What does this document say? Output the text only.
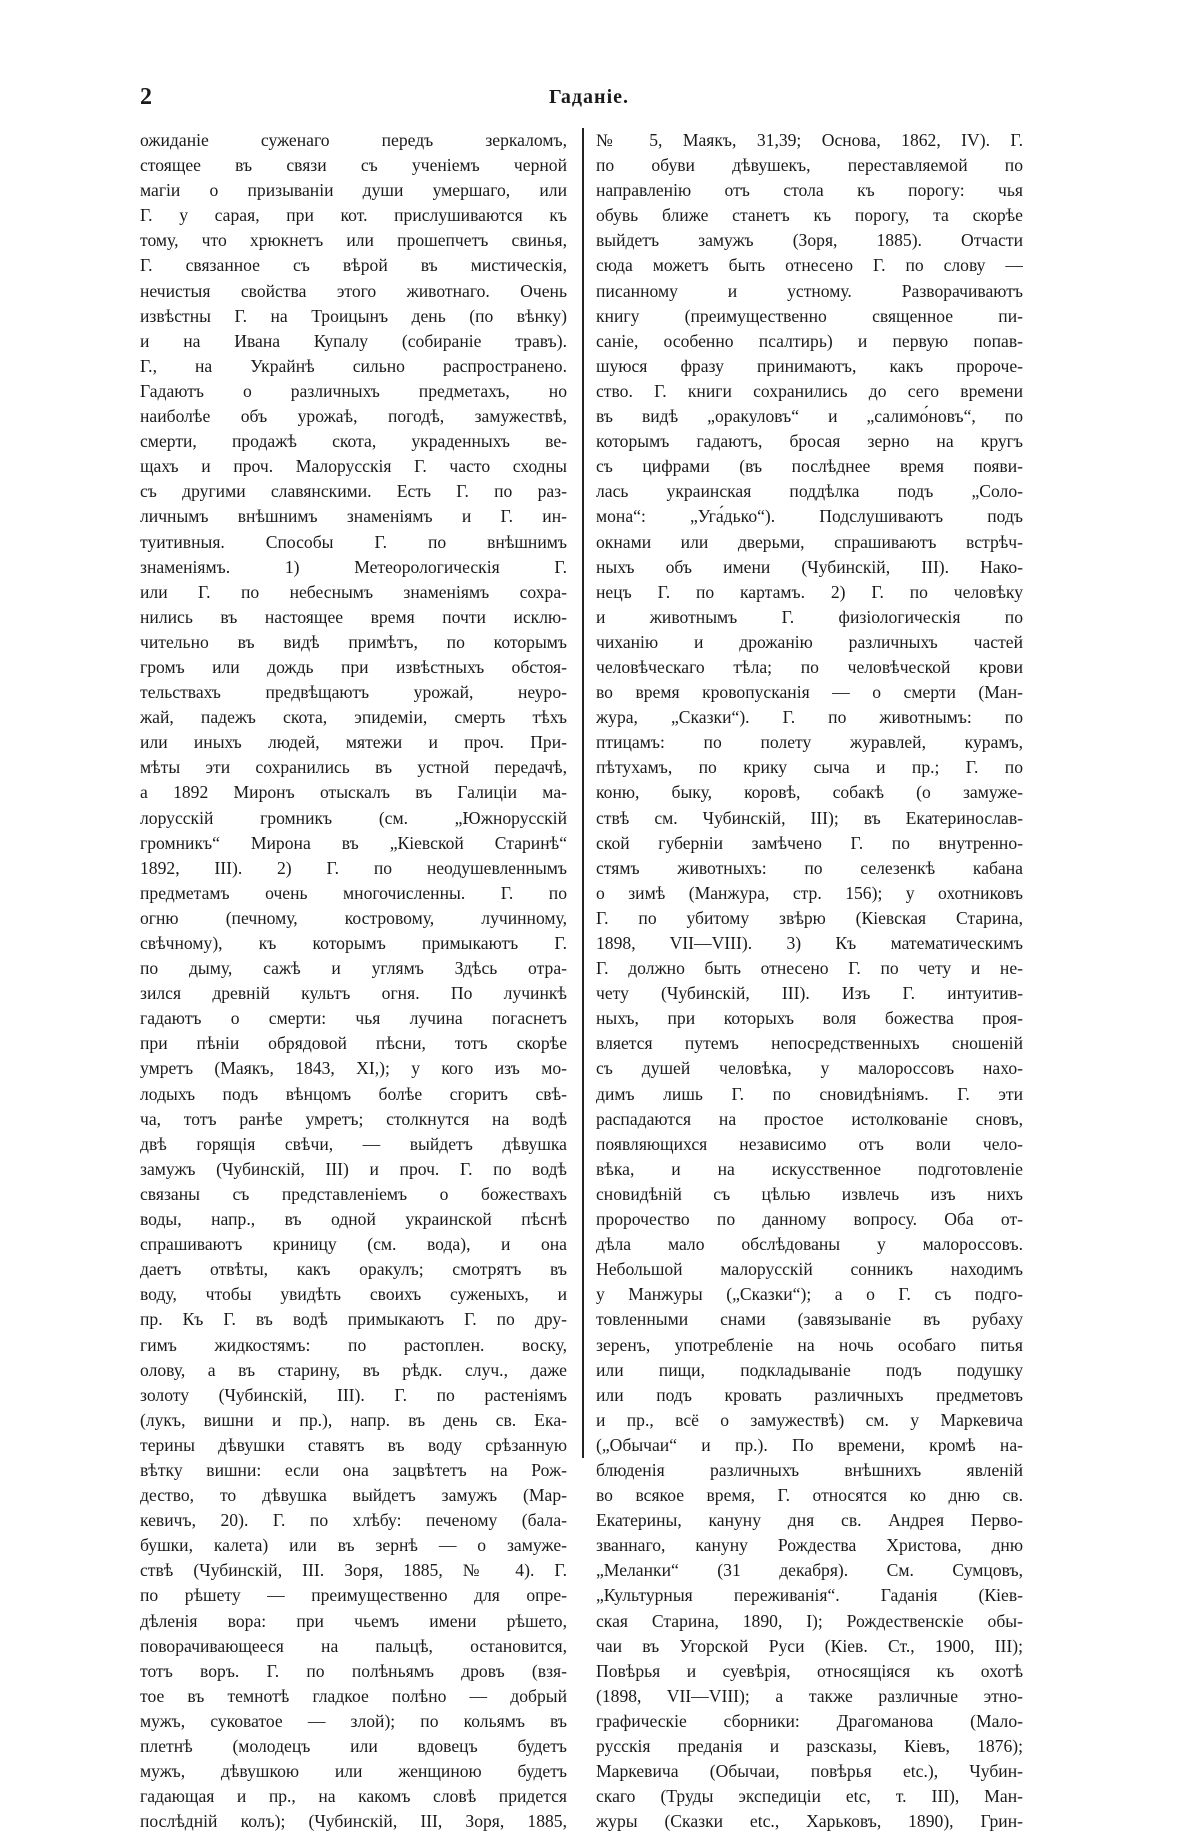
2	Гаданіе.
ожиданіе суженаго передъ зеркаломъ,
стоящее въ связи съ ученіемъ черной
магіи о призываніи души умершаго, или
Г. у сарая, при кот. прислушиваются къ
тому, что хрюкнетъ или прошепчетъ свинья,
Г. связанное съ вѣрой въ мистическія,
нечистыя свойства этого животнаго. Очень
извѣстны Г. на Троицынъ день (по вѣнку)
и на Ивана Купалу (собираніе травъ).
Г., на Украйнѣ сильно распространено.
Гадаютъ о различныхъ предметахъ, но
наиболѣе объ урожаѣ, погодѣ, замужествѣ,
смерти, продажѣ скота, украденныхъ ве-
щахъ и проч. Малорусскія Г. часто сходны
съ другими славянскими. Есть Г. по раз-
личнымъ внѣшнимъ знаменіямъ и Г. ин-
туитивныя. Способы Г. по внѣшнимъ
знаменіямъ. 1) Метеорологическія Г.
или Г. по небеснымъ знаменіямъ сохра-
нились въ настоящее время почти исклю-
чительно въ видѣ примѣтъ, по которымъ
громъ или дождь при извѣстныхъ обстоя-
тельствахъ предвѣщаютъ урожай, неуро-
жай, падежъ скота, эпидеміи, смерть тѣхъ
или иныхъ людей, мятежи и проч. При-
мѣты эти сохранились въ устной передачѣ,
а 1892 Миронъ отыскалъ въ Галиціи ма-
лорусскій громникъ (см. „Южнорусскій
громникъ“ Мирона въ „Кіевской Старинѣ“
1892, III). 2) Г. по неодушевленнымъ
предметамъ очень многочисленны. Г. по
огню (печному, костровому, лучинному,
свѣчному), къ которымъ примыкаютъ Г.
по дыму, сажѣ и углямъ Здѣсь отра-
зился древній культъ огня. По лучинкѣ
гадаютъ о смерти: чья лучина погаснетъ
при пѣніи обрядовой пѣсни, тотъ скорѣе
умретъ (Маякъ, 1843, XI,); у кого изъ мо-
лодыхъ подъ вѣнцомъ болѣе сгоритъ свѣ-
ча, тотъ ранѣе умретъ; столкнутся на водѣ
двѣ горящія свѣчи, — выйдетъ дѣвушка
замужъ (Чубинскій, III) и проч. Г. по водѣ
связаны съ представленіемъ о божествахъ
воды, напр., въ одной украинской пѣснѣ
спрашиваютъ криницу (см. вода), и она
даетъ отвѣты, какъ оракулъ; смотрятъ въ
воду, чтобы увидѣть своихъ суженыхъ, и
пр. Къ Г. въ водѣ примыкаютъ Г. по дру-
гимъ жидкостямъ: по растоплен. воску,
олову, а въ старину, въ рѣдк. случ., даже
золоту (Чубинскій, III). Г. по растеніямъ
(лукъ, вишни и пр.), напр. въ день св. Ека-
терины дѣвушки ставятъ въ воду срѣзанную
вѣтку вишни: если она зацвѣтетъ на Рож-
дество, то дѣвушка выйдетъ замужъ (Мар-
кевичъ, 20). Г. по хлѣбу: печеному (бала-
бушки, калета) или въ зернѣ — о замуже-
ствѣ (Чубинскій, III. Зоря, 1885, № 4). Г.
по рѣшету — преимущественно для опре-
дѣленія вора: при чьемъ имени рѣшето,
поворачивающееся на пальцѣ, остановится,
тотъ воръ. Г. по полѣньямъ дровъ (взя-
тое въ темнотѣ гладкое полѣно — добрый
мужъ, суковатое — злой); по кольямъ въ
плетнѣ (молодецъ или вдовецъ будетъ
мужъ, дѣвушкою или женщиною будетъ
гадающая и пр., на какомъ словѣ придется
послѣдній колъ); (Чубинскій, III, Зоря, 1885,
№ 5, Маякъ, 31,39; Основа, 1862, IV). Г.
по обуви дѣвушекъ, переставляемой по
направленію отъ стола къ порогу: чья
обувь ближе станетъ къ порогу, та скорѣе
выйдетъ замужъ (Зоря, 1885). Отчасти
сюда можетъ быть отнесено Г. по слову —
писанному и устному. Разворачиваютъ
книгу (преимущественно священное пи-
саніе, особенно псалтирь) и первую попав-
шуюся фразу принимаютъ, какъ пророче-
ство. Г. книги сохранились до сего времени
въ видѣ „оракуловъ“ и „салимо́новъ“, по
которымъ гадаютъ, бросая зерно на кругъ
съ цифрами (въ послѣднее время появи-
лась украинская поддѣлка подъ „Соло-
мона“: „Уга́дько“). Подслушиваютъ подъ
окнами или дверьми, спрашиваютъ встрѣч-
ныхъ объ имени (Чубинскій, III). Нако-
нецъ Г. по картамъ. 2) Г. по человѣку
и животнымъ Г. физіологическія по
чиханію и дрожанію различныхъ частей
человѣческаго тѣла; по человѣческой крови
во время кровопусканія — о смерти (Ман-
жура, „Сказки“). Г. по животнымъ: по
птицамъ: по полету журавлей, курамъ,
пѣтухамъ, по крику сыча и пр.; Г. по
коню, быку, коровѣ, собакѣ (о замуже-
ствѣ см. Чубинскій, III); въ Екатеринослав-
ской губерніи замѣчено Г. по внутренно-
стямъ животныхъ: по селезенкѣ кабана
о зимѣ (Манжура, стр. 156); у охотниковъ
Г. по убитому звѣрю (Кіевская Старина,
1898, VII—VIII). 3) Къ математическимъ
Г. должно быть отнесено Г. по чету и не-
чету (Чубинскій, III). Изъ Г. интуитив-
ныхъ, при которыхъ воля божества проя-
вляется путемъ непосредственныхъ сношеній
съ душей человѣка, у малороссовъ нахо-
димъ лишь Г. по сновидѣніямъ. Г. эти
распадаются на простое истолкованіе сновъ,
появляющихся независимо отъ воли чело-
вѣка, и на искусственное подготовленіе
сновидѣній съ цѣлью извлечь изъ нихъ
пророчество по данному вопросу. Оба от-
дѣла мало обслѣдованы у малороссовъ.
Небольшой малорусскій сонникъ находимъ
у Манжуры („Сказки“); а о Г. съ подго-
товленными снами (завязываніе въ рубаху
зеренъ, употребленіе на ночь особаго питья
или пищи, подкладываніе подъ подушку
или подъ кровать различныхъ предметовъ
и пр., всё о замужествѣ) см. у Маркевича
(„Обычаи“ и пр.). По времени, кромѣ на-
блюденія различныхъ внѣшнихъ явленій
во всякое время, Г. относятся ко дню св.
Екатерины, кануну дня св. Андрея Перво-
званнаго, кануну Рождества Христова, дню
„Меланки“ (31 декабря). См. Сумцовъ,
„Культурныя переживанія“. Гаданія (Кіев-
ская Старина, 1890, I); Рождественскіе обы-
чаи въ Угорской Руси (Кіев. Ст., 1900, III);
Повѣрья и суевѣрія, относящіяся къ охотѣ
(1898, VII—VIII); а также различные этно-
графическіе сборники: Драгоманова (Мало-
русскія преданія и разсказы, Кіевъ, 1876);
Маркевича (Обычаи, повѣрья etc.), Чубин-
скаго (Труды экспедиціи etc, т. III), Ман-
журы (Сказки etc., Харьковъ, 1890), Грин-
